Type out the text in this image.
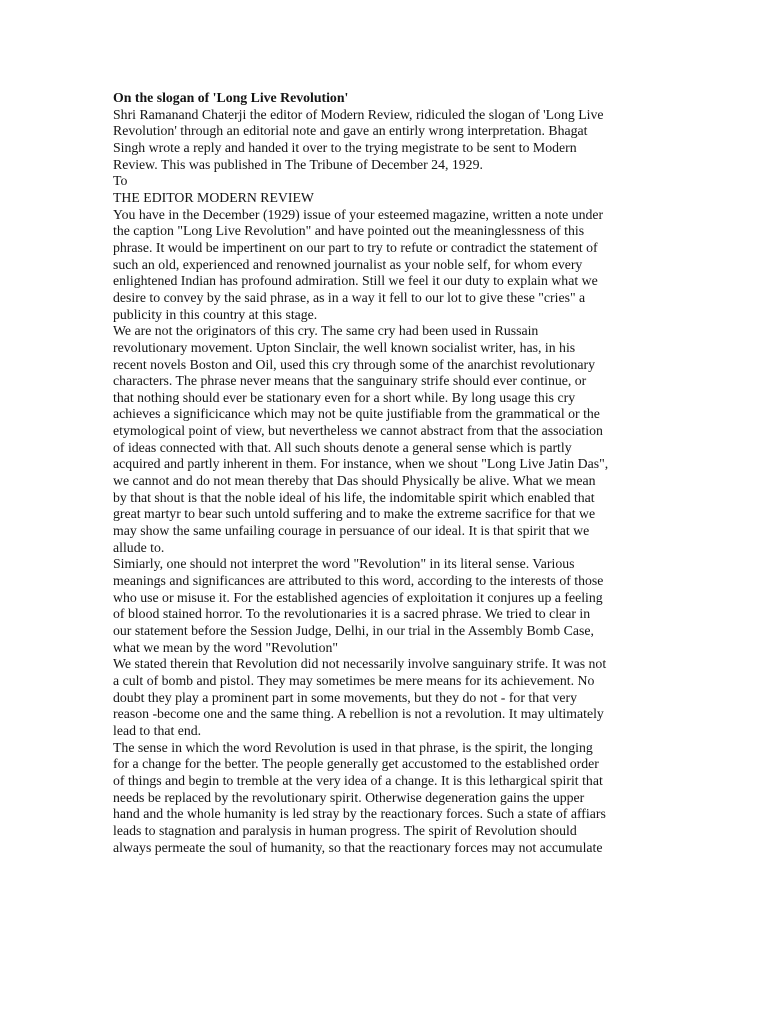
On the slogan of 'Long Live Revolution'

Shri Ramanand Chaterji the editor of Modern Review, ridiculed the slogan of 'Long Live
Revolution' through an editorial note and gave an entirly wrong interpretation. Bhagat
Singh wrote a reply and handed it over to the trying megistrate to be sent to Modern
Review. This was published in The Tribune of December 24, 1929.

To

THE EDITOR MODERN REVIEW

You have in the December (1929) issue of your esteemed magazine, written a note under
the caption "Long Live Revolution" and have pointed out the meaninglessness of this
phrase. It would be impertinent on our part to try to refute or contradict the statement of
such an old, experienced and renowned journalist as your noble self, for whom every
enlightened Indian has profound admiration. Still we feel it our duty to explain what we
desire to convey by the said phrase, as in a way it fell to our lot to give these "cries" a
publicity in this country at this stage.

We are not the originators of this cry. The same cry had been used in Russain
revolutionary movement. Upton Sinclair, the well known socialist writer, has, in his
recent novels Boston and Oil, used this cry through some of the anarchist revolutionary
characters. The phrase never means that the sanguinary strife should ever continue, or
that nothing should ever be stationary even for a short while. By long usage this cry
achieves a significicance which may not be quite justifiable from the grammatical or the
etymological point of view, but nevertheless we cannot abstract from that the association
of ideas connected with that. All such shouts denote a general sense which is partly
acquired and partly inherent in them. For instance, when we shout "Long Live Jatin Das",
we cannot and do not mean thereby that Das should Physically be alive. What we mean
by that shout is that the noble ideal of his life, the indomitable spirit which enabled that
great martyr to bear such untold suffering and to make the extreme sacrifice for that we
may show the same unfailing courage in persuance of our ideal. It is that spirit that we
allude to.

Simiarly, one should not interpret the word "Revolution" in its literal sense. Various
meanings and significances are attributed to this word, according to the interests of those
who use or misuse it. For the established agencies of exploitation it conjures up a feeling
of blood stained horror. To the revolutionaries it is a sacred phrase. We tried to clear in
our statement before the Session Judge, Delhi, in our trial in the Assembly Bomb Case,
what we mean by the word "Revolution"

We stated therein that Revolution did not necessarily involve sanguinary strife. It was not
a cult of bomb and pistol. They may sometimes be mere means for its achievement. No
doubt they play a prominent part in some movements, but they do not - for that very
reason -become one and the same thing. A rebellion is not a revolution. It may ultimately
lead to that end.

The sense in which the word Revolution is used in that phrase, is the spirit, the longing
for a change for the better. The people generally get accustomed to the established order
of things and begin to tremble at the very idea of a change. It is this lethargical spirit that
needs be replaced by the revolutionary spirit. Otherwise degeneration gains the upper
hand and the whole humanity is led stray by the reactionary forces. Such a state of affiars
leads to stagnation and paralysis in human progress. The spirit of Revolution should
always permeate the soul of humanity, so that the reactionary forces may not accumulate
